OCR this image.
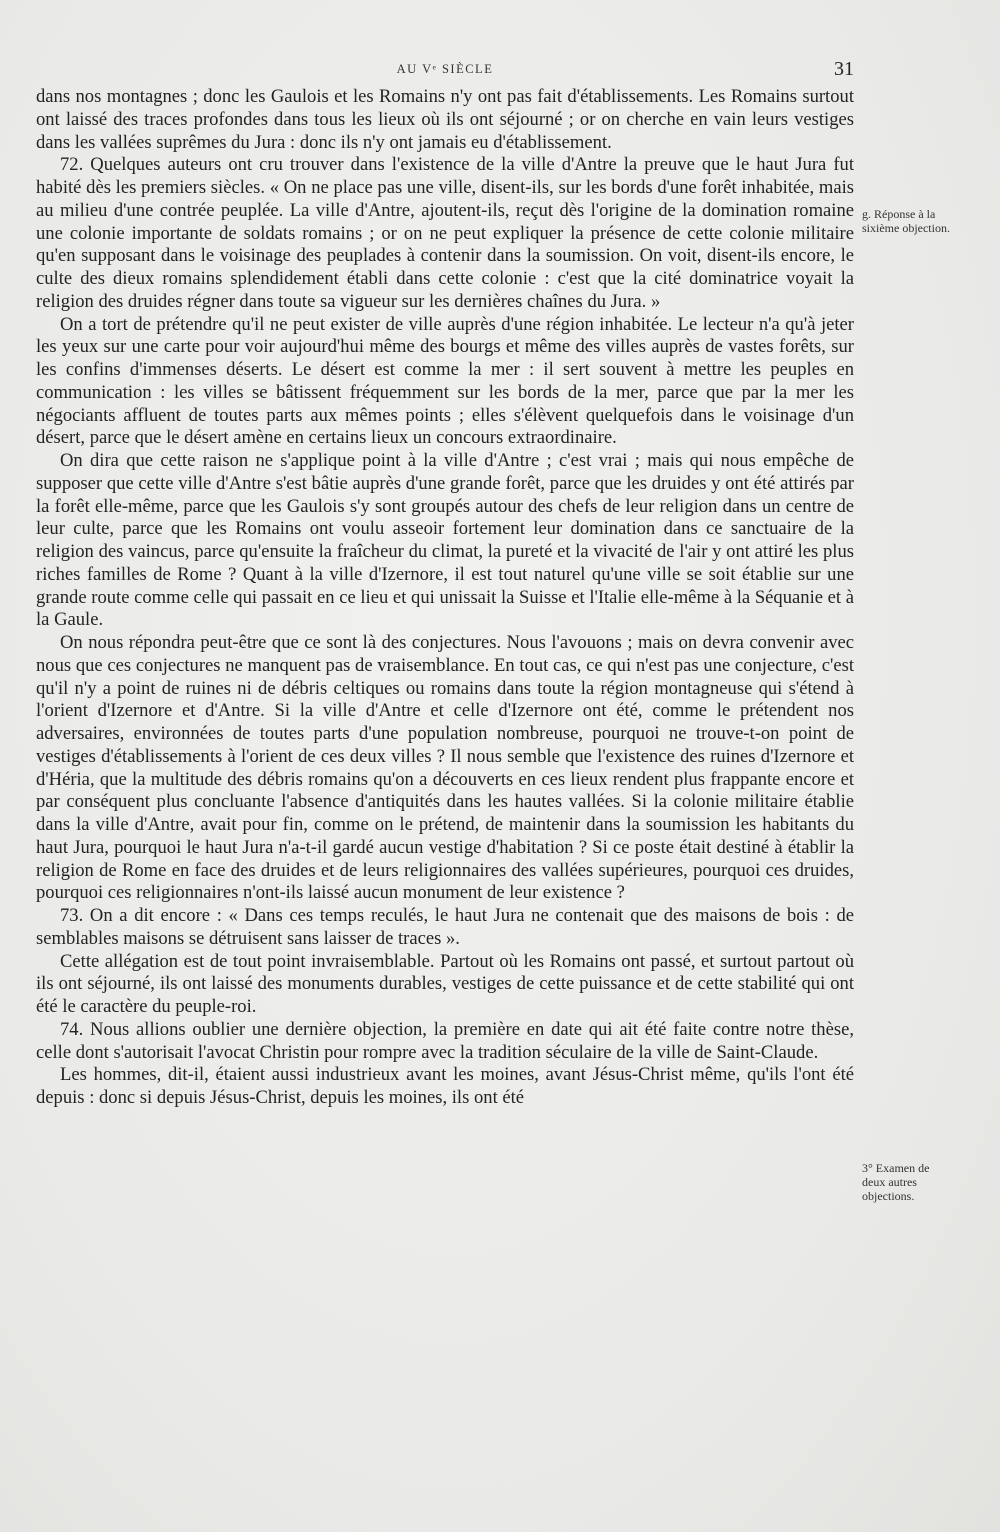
AU Vᵉ SIÈCLE	31

dans nos montagnes ; donc les Gaulois et les Romains n'y ont pas fait d'établissements. Les Romains surtout ont laissé des traces profondes dans tous les lieux où ils ont séjourné ; or on cherche en vain leurs vestiges dans les vallées suprêmes du Jura : donc ils n'y ont jamais eu d'établissement.

72. Quelques auteurs ont cru trouver dans l'existence de la ville d'Antre la preuve que le haut Jura fut habité dès les premiers siècles. « On ne place pas une ville, disent-ils, sur les bords d'une forêt inhabitée, mais au milieu d'une contrée peuplée. La ville d'Antre, ajoutent-ils, reçut dès l'origine de la domination romaine une colonie importante de soldats romains ; or on ne peut expliquer la présence de cette colonie militaire qu'en supposant dans le voisinage des peuplades à contenir dans la soumission. On voit, disent-ils encore, le culte des dieux romains splendidement établi dans cette colonie : c'est que la cité dominatrice voyait la religion des druides régner dans toute sa vigueur sur les dernières chaînes du Jura. »

On a tort de prétendre qu'il ne peut exister de ville auprès d'une région inhabitée. Le lecteur n'a qu'à jeter les yeux sur une carte pour voir aujourd'hui même des bourgs et même des villes auprès de vastes forêts, sur les confins d'immenses déserts. Le désert est comme la mer : il sert souvent à mettre les peuples en communication : les villes se bâtissent fréquemment sur les bords de la mer, parce que par la mer les négociants affluent de toutes parts aux mêmes points ; elles s'élèvent quelquefois dans le voisinage d'un désert, parce que le désert amène en certains lieux un concours extraordinaire.

On dira que cette raison ne s'applique point à la ville d'Antre ; c'est vrai ; mais qui nous empêche de supposer que cette ville d'Antre s'est bâtie auprès d'une grande forêt, parce que les druides y ont été attirés par la forêt elle-même, parce que les Gaulois s'y sont groupés autour des chefs de leur religion dans un centre de leur culte, parce que les Romains ont voulu asseoir fortement leur domination dans ce sanctuaire de la religion des vaincus, parce qu'ensuite la fraîcheur du climat, la pureté et la vivacité de l'air y ont attiré les plus riches familles de Rome ? Quant à la ville d'Izernore, il est tout naturel qu'une ville se soit établie sur une grande route comme celle qui passait en ce lieu et qui unissait la Suisse et l'Italie elle-même à la Séquanie et à la Gaule.

On nous répondra peut-être que ce sont là des conjectures. Nous l'avouons ; mais on devra convenir avec nous que ces conjectures ne manquent pas de vraisemblance. En tout cas, ce qui n'est pas une conjecture, c'est qu'il n'y a point de ruines ni de débris celtiques ou romains dans toute la région montagneuse qui s'étend à l'orient d'Izernore et d'Antre. Si la ville d'Antre et celle d'Izernore ont été, comme le prétendent nos adversaires, environnées de toutes parts d'une population nombreuse, pourquoi ne trouve-t-on point de vestiges d'établissements à l'orient de ces deux villes ? Il nous semble que l'existence des ruines d'Izernore et d'Héria, que la multitude des débris romains qu'on a découverts en ces lieux rendent plus frappante encore et par conséquent plus concluante l'absence d'antiquités dans les hautes vallées. Si la colonie militaire établie dans la ville d'Antre, avait pour fin, comme on le prétend, de maintenir dans la soumission les habitants du haut Jura, pourquoi le haut Jura n'a-t-il gardé aucun vestige d'habitation ? Si ce poste était destiné à établir la religion de Rome en face des druides et de leurs religionnaires des vallées supérieures, pourquoi ces druides, pourquoi ces religionnaires n'ont-ils laissé aucun monument de leur existence ?

73. On a dit encore : « Dans ces temps reculés, le haut Jura ne contenait que des maisons de bois : de semblables maisons se détruisent sans laisser de traces ».

Cette allégation est de tout point invraisemblable. Partout où les Romains ont passé, et surtout partout où ils ont séjourné, ils ont laissé des monuments durables, vestiges de cette puissance et de cette stabilité qui ont été le caractère du peuple-roi.

74. Nous allions oublier une dernière objection, la première en date qui ait été faite contre notre thèse, celle dont s'autorisait l'avocat Christin pour rompre avec la tradition séculaire de la ville de Saint-Claude.

Les hommes, dit-il, étaient aussi industrieux avant les moines, avant Jésus-Christ même, qu'ils l'ont été depuis : donc si depuis Jésus-Christ, depuis les moines, ils ont été

g. Réponse à la sixième objection.
3° Examen de deux autres objections.
